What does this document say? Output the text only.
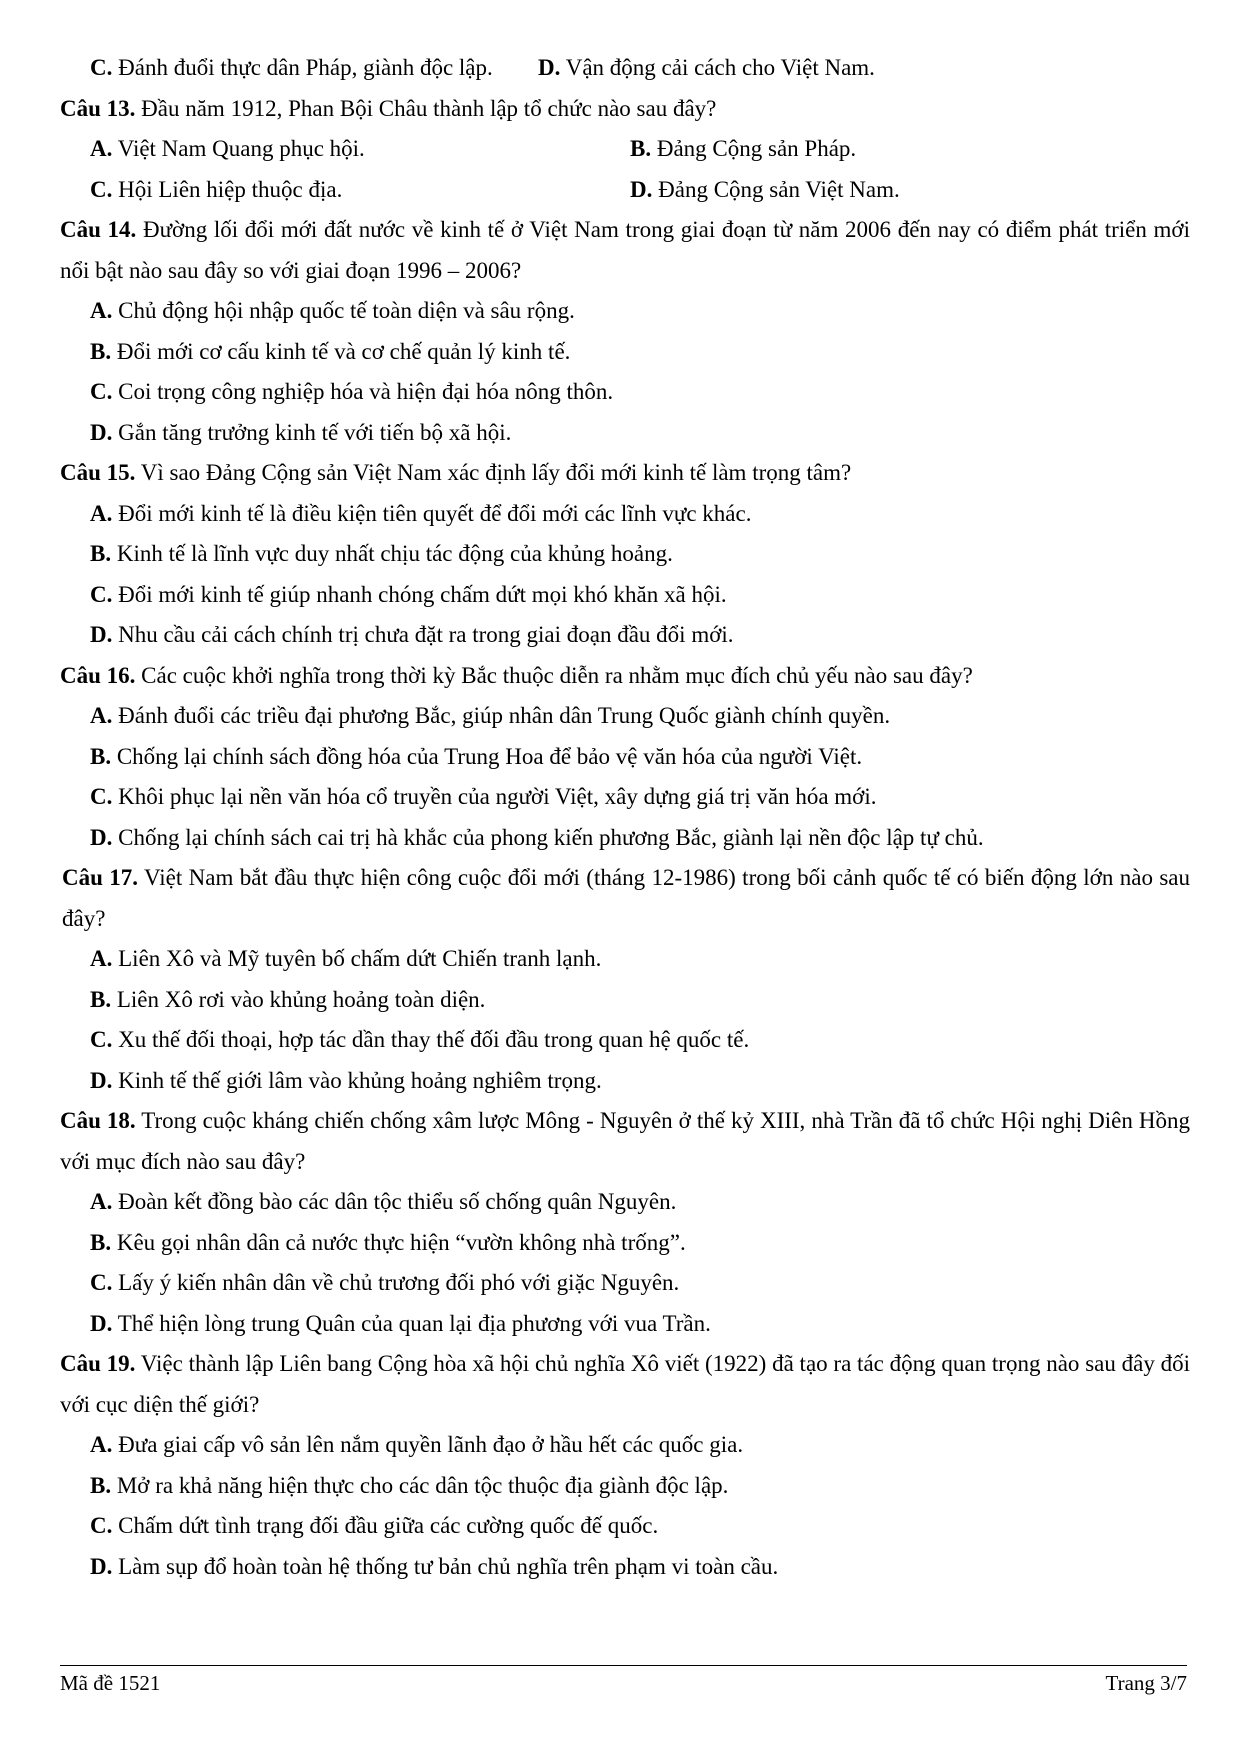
C. Đánh đuổi thực dân Pháp, giành độc lập.	D. Vận động cải cách cho Việt Nam.
Câu 13. Đầu năm 1912, Phan Bội Châu thành lập tổ chức nào sau đây?
A. Việt Nam Quang phục hội.	B. Đảng Cộng sản Pháp.
C. Hội Liên hiệp thuộc địa.	D. Đảng Cộng sản Việt Nam.
Câu 14. Đường lối đổi mới đất nước về kinh tế ở Việt Nam trong giai đoạn từ năm 2006 đến nay có điểm phát triển mới nổi bật nào sau đây so với giai đoạn 1996 – 2006?
A. Chủ động hội nhập quốc tế toàn diện và sâu rộng.
B. Đổi mới cơ cấu kinh tế và cơ chế quản lý kinh tế.
C. Coi trọng công nghiệp hóa và hiện đại hóa nông thôn.
D. Gắn tăng trưởng kinh tế với tiến bộ xã hội.
Câu 15. Vì sao Đảng Cộng sản Việt Nam xác định lấy đổi mới kinh tế làm trọng tâm?
A. Đổi mới kinh tế là điều kiện tiên quyết để đổi mới các lĩnh vực khác.
B. Kinh tế là lĩnh vực duy nhất chịu tác động của khủng hoảng.
C. Đổi mới kinh tế giúp nhanh chóng chấm dứt mọi khó khăn xã hội.
D. Nhu cầu cải cách chính trị chưa đặt ra trong giai đoạn đầu đổi mới.
Câu 16. Các cuộc khởi nghĩa trong thời kỳ Bắc thuộc diễn ra nhằm mục đích chủ yếu nào sau đây?
A. Đánh đuổi các triều đại phương Bắc, giúp nhân dân Trung Quốc giành chính quyền.
B. Chống lại chính sách đồng hóa của Trung Hoa để bảo vệ văn hóa của người Việt.
C. Khôi phục lại nền văn hóa cổ truyền của người Việt, xây dựng giá trị văn hóa mới.
D. Chống lại chính sách cai trị hà khắc của phong kiến phương Bắc, giành lại nền độc lập tự chủ.
Câu 17. Việt Nam bắt đầu thực hiện công cuộc đổi mới (tháng 12-1986) trong bối cảnh quốc tế có biến động lớn nào sau đây?
A. Liên Xô và Mỹ tuyên bố chấm dứt Chiến tranh lạnh.
B. Liên Xô rơi vào khủng hoảng toàn diện.
C. Xu thế đối thoại, hợp tác dần thay thế đối đầu trong quan hệ quốc tế.
D. Kinh tế thế giới lâm vào khủng hoảng nghiêm trọng.
Câu 18. Trong cuộc kháng chiến chống xâm lược Mông - Nguyên ở thế kỷ XIII, nhà Trần đã tổ chức Hội nghị Diên Hồng với mục đích nào sau đây?
A. Đoàn kết đồng bào các dân tộc thiểu số chống quân Nguyên.
B. Kêu gọi nhân dân cả nước thực hiện “vườn không nhà trống”.
C. Lấy ý kiến nhân dân về chủ trương đối phó với giặc Nguyên.
D. Thể hiện lòng trung Quân của quan lại địa phương với vua Trần.
Câu 19. Việc thành lập Liên bang Cộng hòa xã hội chủ nghĩa Xô viết (1922) đã tạo ra tác động quan trọng nào sau đây đối với cục diện thế giới?
A. Đưa giai cấp vô sản lên nắm quyền lãnh đạo ở hầu hết các quốc gia.
B. Mở ra khả năng hiện thực cho các dân tộc thuộc địa giành độc lập.
C. Chấm dứt tình trạng đối đầu giữa các cường quốc đế quốc.
D. Làm sụp đổ hoàn toàn hệ thống tư bản chủ nghĩa trên phạm vi toàn cầu.
Mã đề 1521	Trang 3/7
